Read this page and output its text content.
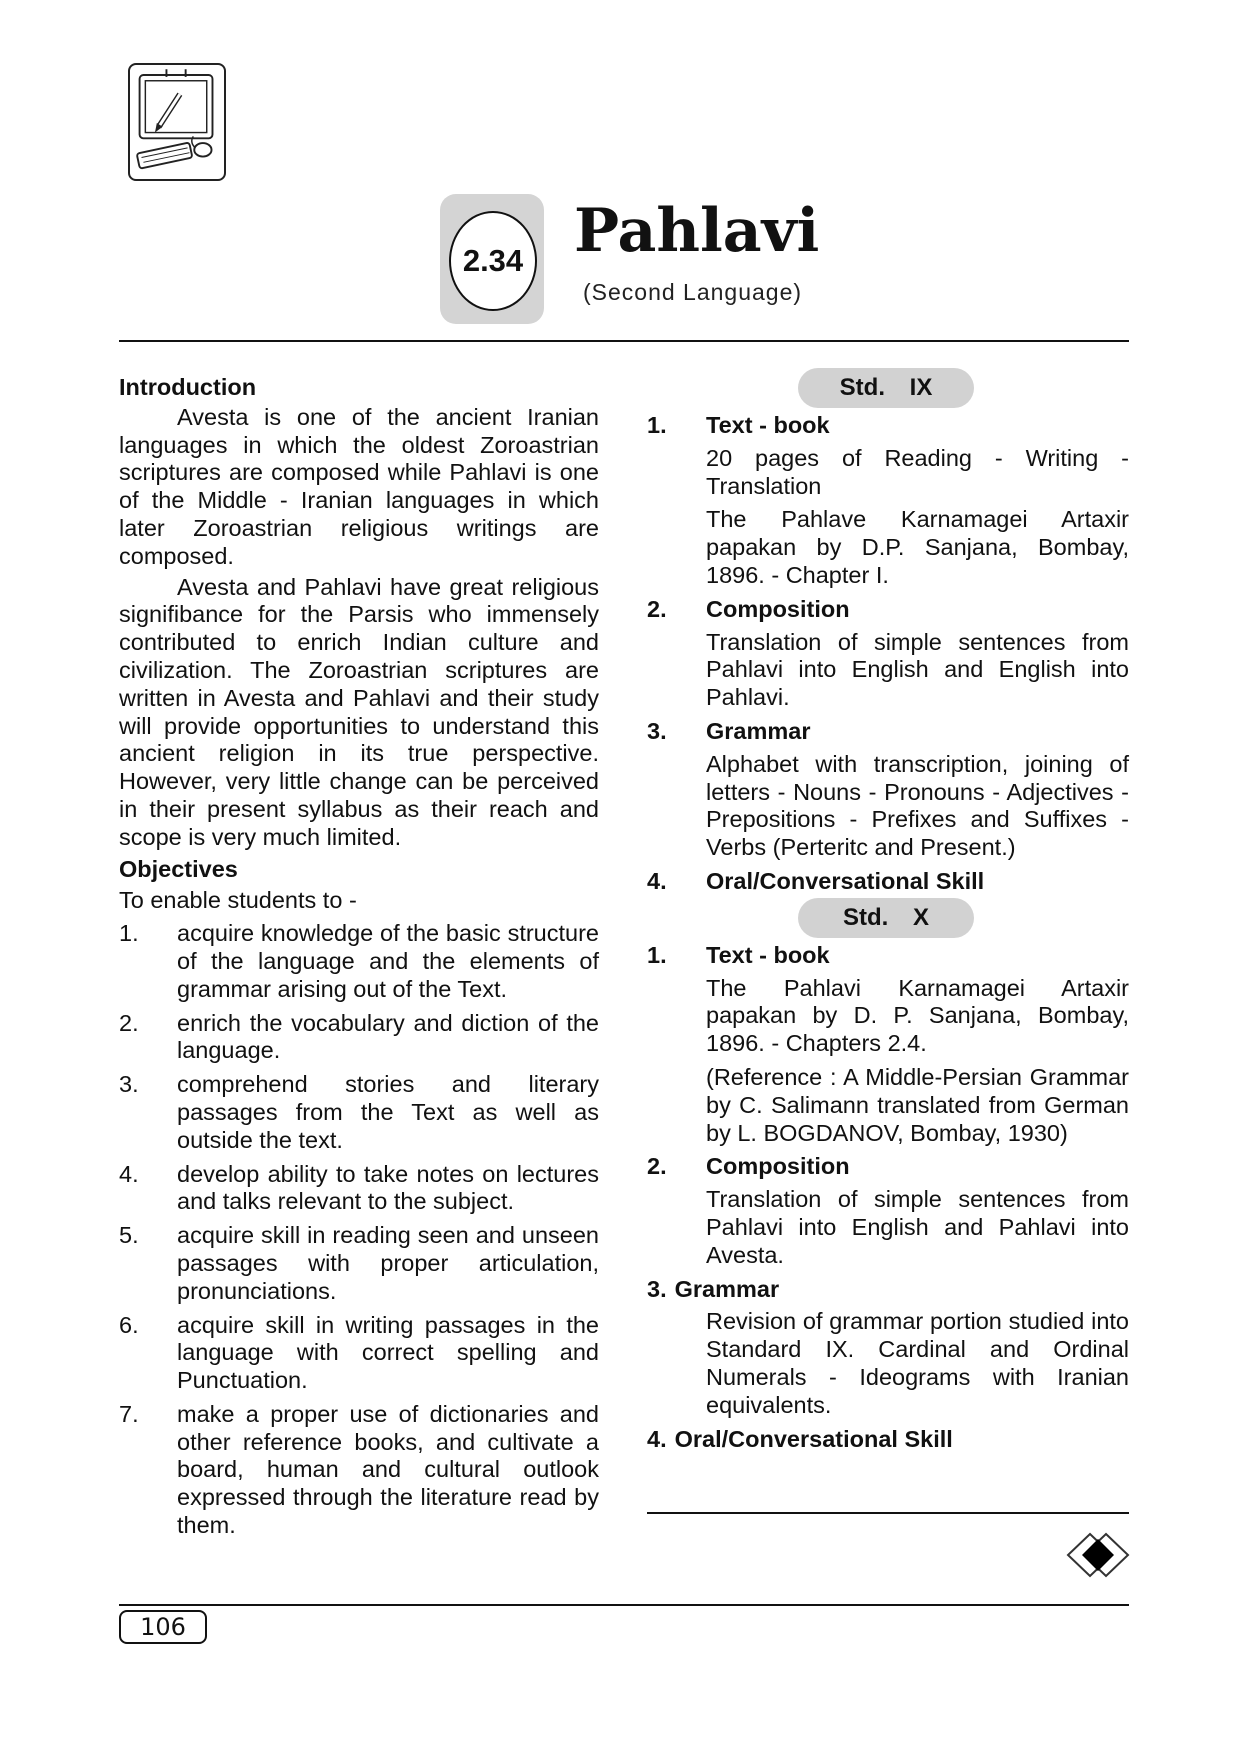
2.34 Pahlavi
(Second Language)
Introduction
Avesta is one of the ancient Iranian languages in which the oldest Zoroastrian scriptures are composed while Pahlavi is one of the Middle - Iranian languages in which later Zoroastrian religious writings are composed.
Avesta and Pahlavi have great religious signifibance for the Parsis who immensely contributed to enrich Indian culture and civilization. The Zoroastrian scriptures are written in Avesta and Pahlavi and their study will provide opportunities to understand this ancient religion in its true perspective. However, very little change can be perceived in their present syllabus as their reach and scope is very much limited.
Objectives
To enable students to -
1.	acquire knowledge of the basic structure of the language and the elements of grammar arising out of the Text.
2.	enrich the vocabulary and diction of the language.
3.	comprehend stories and literary passages from the Text as well as outside the text.
4.	develop ability to take notes on lectures and talks relevant to the subject.
5.	acquire skill in reading seen and unseen passages with proper articulation, pronunciations.
6.	acquire skill in writing passages in the language with correct spelling and Punctuation.
7.	make a proper use of dictionaries and other reference books, and cultivate a board, human and cultural outlook expressed through the literature read by them.
Std. IX
1.	Text - book
20 pages of Reading - Writing - Translation
The Pahlave Karnamagei Artaxir papakan by D.P. Sanjana, Bombay, 1896. - Chapter I.
2.	Composition
Translation of simple sentences from Pahlavi into English and English into Pahlavi.
3.	Grammar
Alphabet with transcription, joining of letters - Nouns - Pronouns - Adjectives - Prepositions - Prefixes and Suffixes - Verbs (Perteritc and Present.)
4.	Oral/Conversational Skill
Std. X
1.	Text - book
The Pahlavi Karnamagei Artaxir papakan by D. P. Sanjana, Bombay, 1896. - Chapters 2.4.
(Reference : A Middle-Persian Grammar by C. Salimann translated from German by L. BOGDANOV, Bombay, 1930)
2.	Composition
Translation of simple sentences from Pahlavi into English and Pahlavi into Avesta.
3. Grammar
Revision of grammar portion studied into Standard IX. Cardinal and Ordinal Numerals - Ideograms with Iranian equivalents.
4. Oral/Conversational Skill
106
